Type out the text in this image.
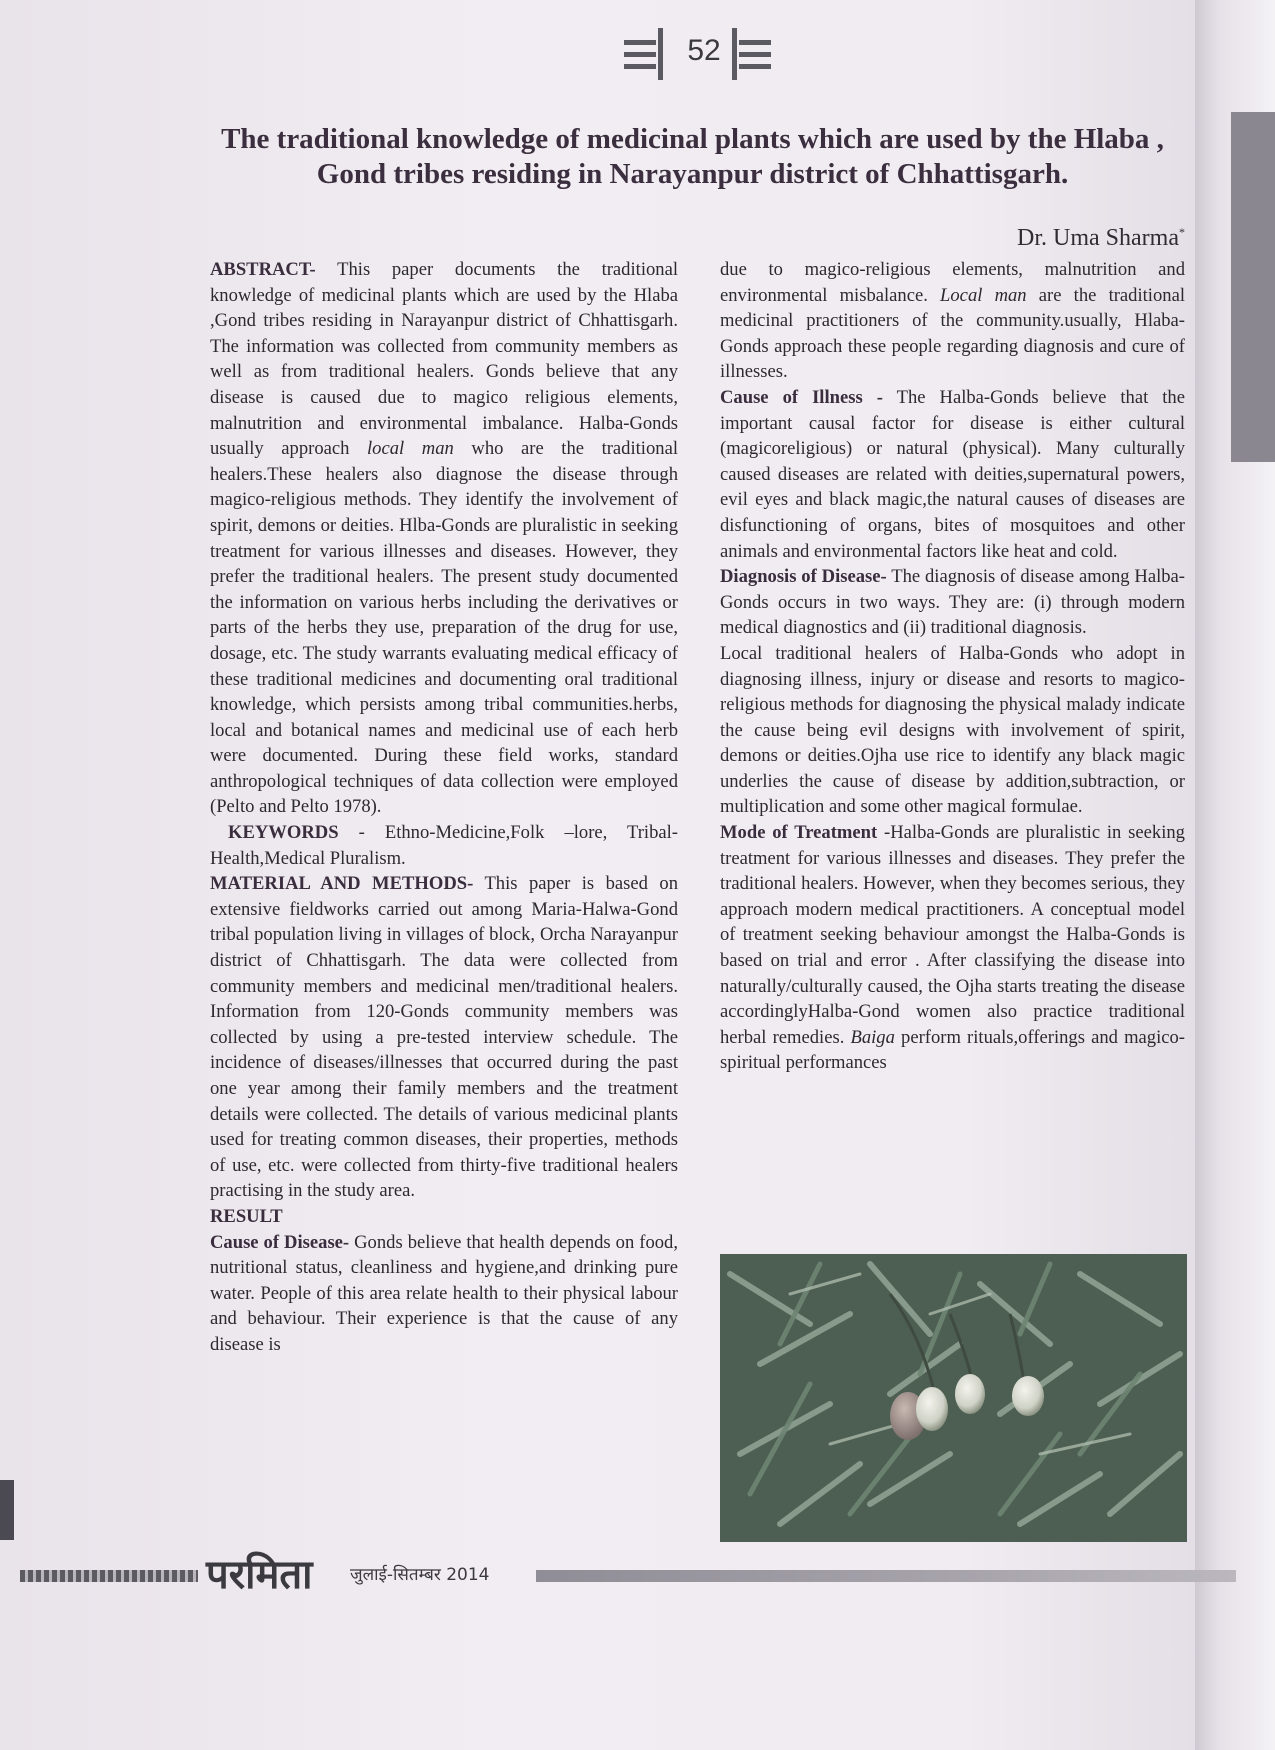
52
The traditional knowledge of medicinal plants which are used by the Hlaba , Gond tribes residing in Narayanpur district of Chhattisgarh.
Dr. Uma Sharma*

ABSTRACT- This paper documents the traditional knowledge of medicinal plants which are used by the Hlaba ,Gond tribes residing in Narayanpur district of Chhattisgarh. The information was collected from community members as well as from traditional healers. Gonds believe that any disease is caused due to magico religious elements, malnutrition and environmental imbalance. Halba-Gonds usually approach local man who are the traditional healers.These healers also diagnose the disease through magico-religious methods. They identify the involvement of spirit, demons or deities. Hlba-Gonds are pluralistic in seeking treatment for various illnesses and diseases. However, they prefer the traditional healers. The present study documented the information on various herbs including the derivatives or parts of the herbs they use, preparation of the drug for use, dosage, etc. The study warrants evaluating medical efficacy of these traditional medicines and documenting oral traditional knowledge, which persists among tribal communities.herbs, local and botanical names and medicinal use of each herb were documented. During these field works, standard anthropological techniques of data collection were employed (Pelto and Pelto 1978).

KEYWORDS - Ethno-Medicine,Folk –lore, Tribal- Health,Medical Pluralism.

MATERIAL AND METHODS- This paper is based on extensive fieldworks carried out among Maria-Halwa-Gond tribal population living in villages of block, Orcha Narayanpur district of Chhattisgarh. The data were collected from community members and medicinal men/traditional healers. Information from 120-Gonds community members was collected by using a pre-tested interview schedule. The incidence of diseases/illnesses that occurred during the past one year among their family members and the treatment details were collected. The details of various medicinal plants used for treating common diseases, their properties, methods of use, etc. were collected from thirty-five traditional healers practising in the study area.

RESULT

Cause of Disease- Gonds believe that health depends on food, nutritional status, cleanliness and hygiene,and drinking pure water. People of this area relate health to their physical labour and behaviour. Their experience is that the cause of any disease is

due to magico-religious elements, malnutrition and environmental misbalance. Local man are the traditional medicinal practitioners of the community.usually, Hlaba-Gonds approach these people regarding diagnosis and cure of illnesses.

Cause of Illness - The Halba-Gonds believe that the important causal factor for disease is either cultural (magicoreligious) or natural (physical). Many culturally caused diseases are related with deities,supernatural powers, evil eyes and black magic,the natural causes of diseases are disfunctioning of organs, bites of mosquitoes and other animals and environmental factors like heat and cold.

Diagnosis of Disease- The diagnosis of disease among Halba-Gonds occurs in two ways. They are: (i) through modern medical diagnostics and (ii) traditional diagnosis.

Local traditional healers of Halba-Gonds who adopt in diagnosing illness, injury or disease and resorts to magico-religious methods for diagnosing the physical malady indicate the cause being evil designs with involvement of spirit, demons or deities.Ojha use rice to identify any black magic underlies the cause of disease by addition,subtraction, or multiplication and some other magical formulae.

Mode of Treatment -Halba-Gonds are pluralistic in seeking treatment for various illnesses and diseases. They prefer the traditional healers. However, when they becomes serious, they approach modern medical practitioners. A conceptual model of treatment seeking behaviour amongst the Halba-Gonds is based on trial and error . After classifying the disease into naturally/culturally caused, the Ojha starts treating the disease accordinglyHalba-Gond women also practice traditional herbal remedies. Baiga perform rituals,offerings and magico-spiritual performances

परमिता जुलाई-सितम्बर 2014
